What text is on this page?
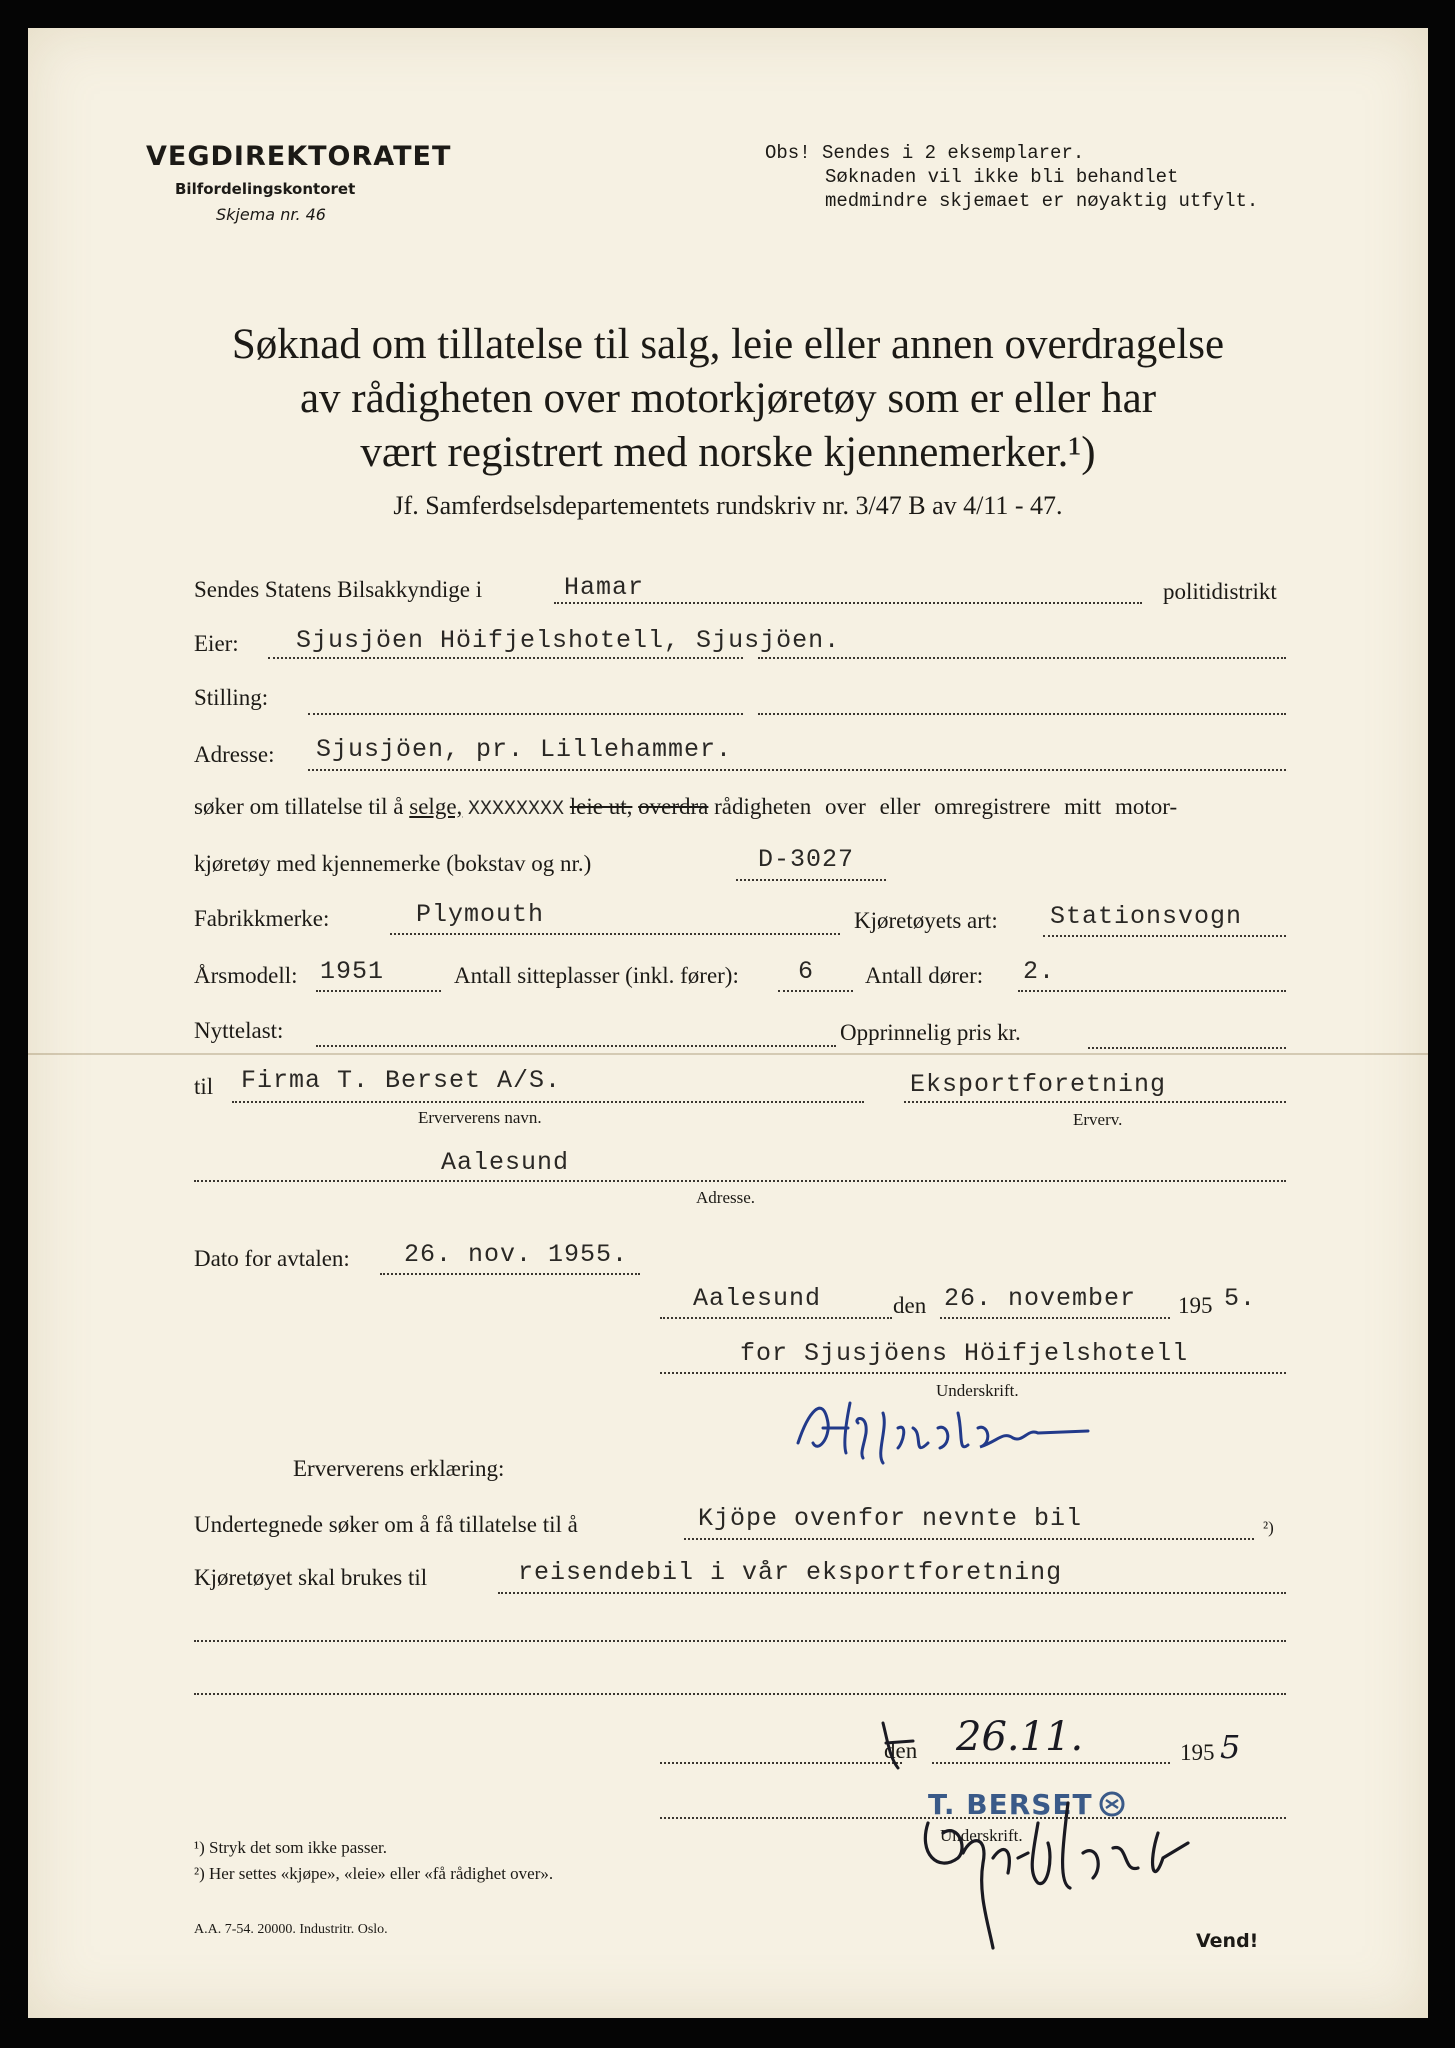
VEGDIREKTORATET
Bilfordelingskontoret
Skjema nr. 46
Obs! Sendes i 2 eksemplarer.
Søknaden vil ikke bli behandlet
medmindre skjemaet er nøyaktig utfylt.
Søknad om tillatelse til salg, leie eller annen overdragelse
av rådigheten over motorkjøretøy som er eller har
vært registrert med norske kjennemerker.¹)
Jf. Samferdselsdepartementets rundskriv nr. 3/47 B av 4/11 - 47.
Sendes Statens Bilsakkyndige i	Hamar	politidistrikt
Eier: Sjusjöen Höifjelshotell, Sjusjöen.
Stilling:
Adresse: Sjusjöen, pr. Lillehammer.
søker om tillatelse til å selge, XXXXXXXX leie ut, overdra rådigheten over eller omregistrere mitt motor-
kjøretøy med kjennemerke (bokstav og nr.)	D-3027
Fabrikkmerke:	Plymouth	Kjøretøyets art: Stationsvogn
Årsmodell: 1951	Antall sitteplasser (inkl. fører): 6 Antall dører: 2.
Nyttelast:	Opprinnelig pris kr.
til Firma T. Berset A/S.	Eksportforetning
Erververens navn.	Erverv.
Aalesund
Adresse.
Dato for avtalen: 26. nov. 1955.
Aalesund	den 26. november 195 5.
for Sjusjöens Höifjelshotell
Underskrift.
Erververens erklæring:
Undertegnede søker om å få tillatelse til å	Kjöpe ovenfor nevnte bil	²)
Kjøretøyet skal brukes til	reisendebil i vår eksportforetning
den 26.11.	195 5
T. BERSET
Underskrift.
¹) Stryk det som ikke passer.
²) Her settes «kjøpe», «leie» eller «få rådighet over».
A.A. 7-54. 20000. Industritr. Oslo.
Vend!
